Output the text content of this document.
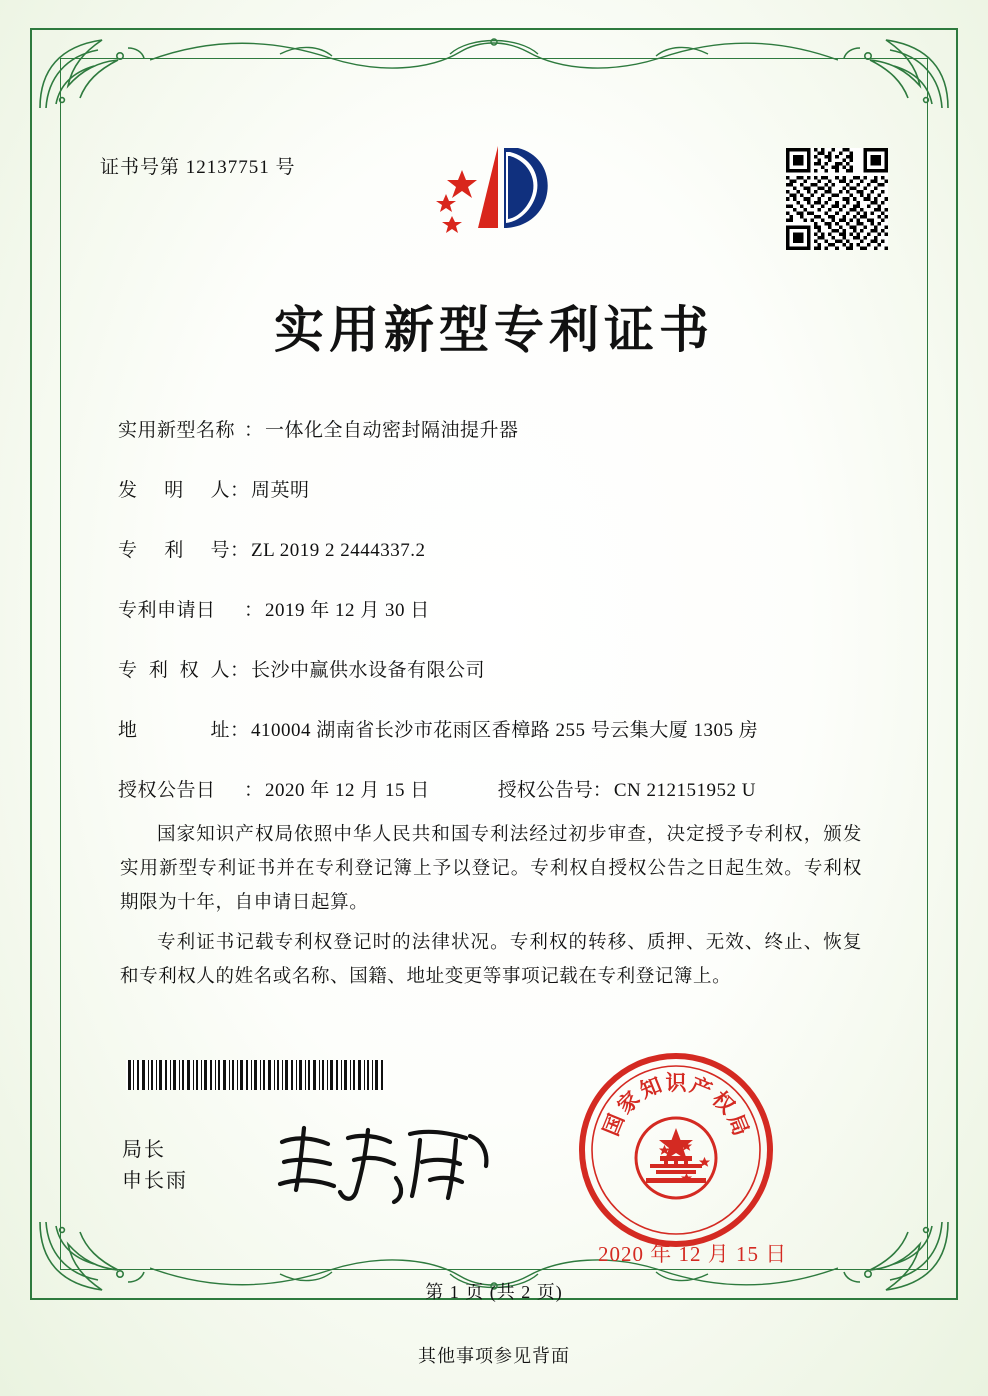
证书号第 12137751 号
实用新型专利证书
实用新型名称 ： 一体化全自动密封隔油提升器
发 明 人 ： 周英明
专 利 号 ： ZL 2019 2 2444337.2
专利申请日	： 2019 年 12 月 30 日
专 利 权 人 ： 长沙中赢供水设备有限公司
地	址 ： 410004 湖南省长沙市花雨区香樟路 255 号云集大厦 1305 房
授权公告日	： 2020 年 12 月 15 日	授权公告号 ： CN 212151952 U

国家知识产权局依照中华人民共和国专利法经过初步审查，决定授予专利权，颁发实用新型专利证书并在专利登记簿上予以登记。专利权自授权公告之日起生效。专利权期限为十年，自申请日起算。

专利证书记载专利权登记时的法律状况。专利权的转移、质押、无效、终止、恢复和专利权人的姓名或名称、国籍、地址变更等事项记载在专利登记簿上。

局长
申长雨
国
家
知 识 产
权
局
2020 年 12 月 15 日
第 1 页 (共 2 页)
其他事项参见背面
